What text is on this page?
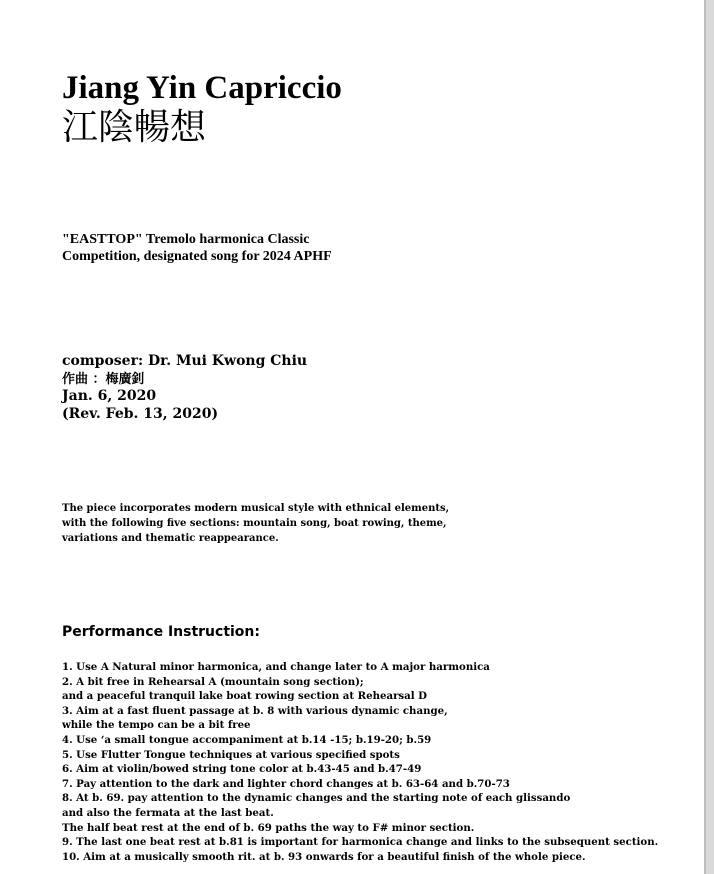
Jiang Yin Capriccio
江陰暢想
"EASTTOP" Tremolo harmonica Classic
Competition, designated song for 2024 APHF
composer: Dr. Mui Kwong Chiu
作曲 ：梅廣釗
Jan. 6, 2020
(Rev. Feb. 13, 2020)
The piece incorporates modern musical style with ethnical elements,
with the following five sections: mountain song, boat rowing, theme,
variations and thematic reappearance.
Performance Instruction:
1. Use A Natural minor harmonica, and change later to A major harmonica
2. A bit free in Rehearsal A (mountain song section);
and a peaceful tranquil lake boat rowing section at Rehearsal D
3. Aim at a fast fluent passage at b. 8 with various dynamic change,
while the tempo can be a bit free
4. Use ‘a small tongue accompaniment at b.14 -15; b.19-20; b.59
5. Use Flutter Tongue techniques at various specified spots
6. Aim at violin/bowed string tone color at b.43-45 and b.47-49
7. Pay attention to the dark and lighter chord changes at b. 63-64 and b.70-73
8. At b. 69. pay attention to the dynamic changes and the starting note of each glissando
and also the fermata at the last beat.
The half beat rest at the end of b. 69 paths the way to F# minor section.
9. The last one beat rest at b.81 is important for harmonica change and links to the subsequent section.
10. Aim at a musically smooth rit. at b. 93 onwards for a beautiful finish of the whole piece.
